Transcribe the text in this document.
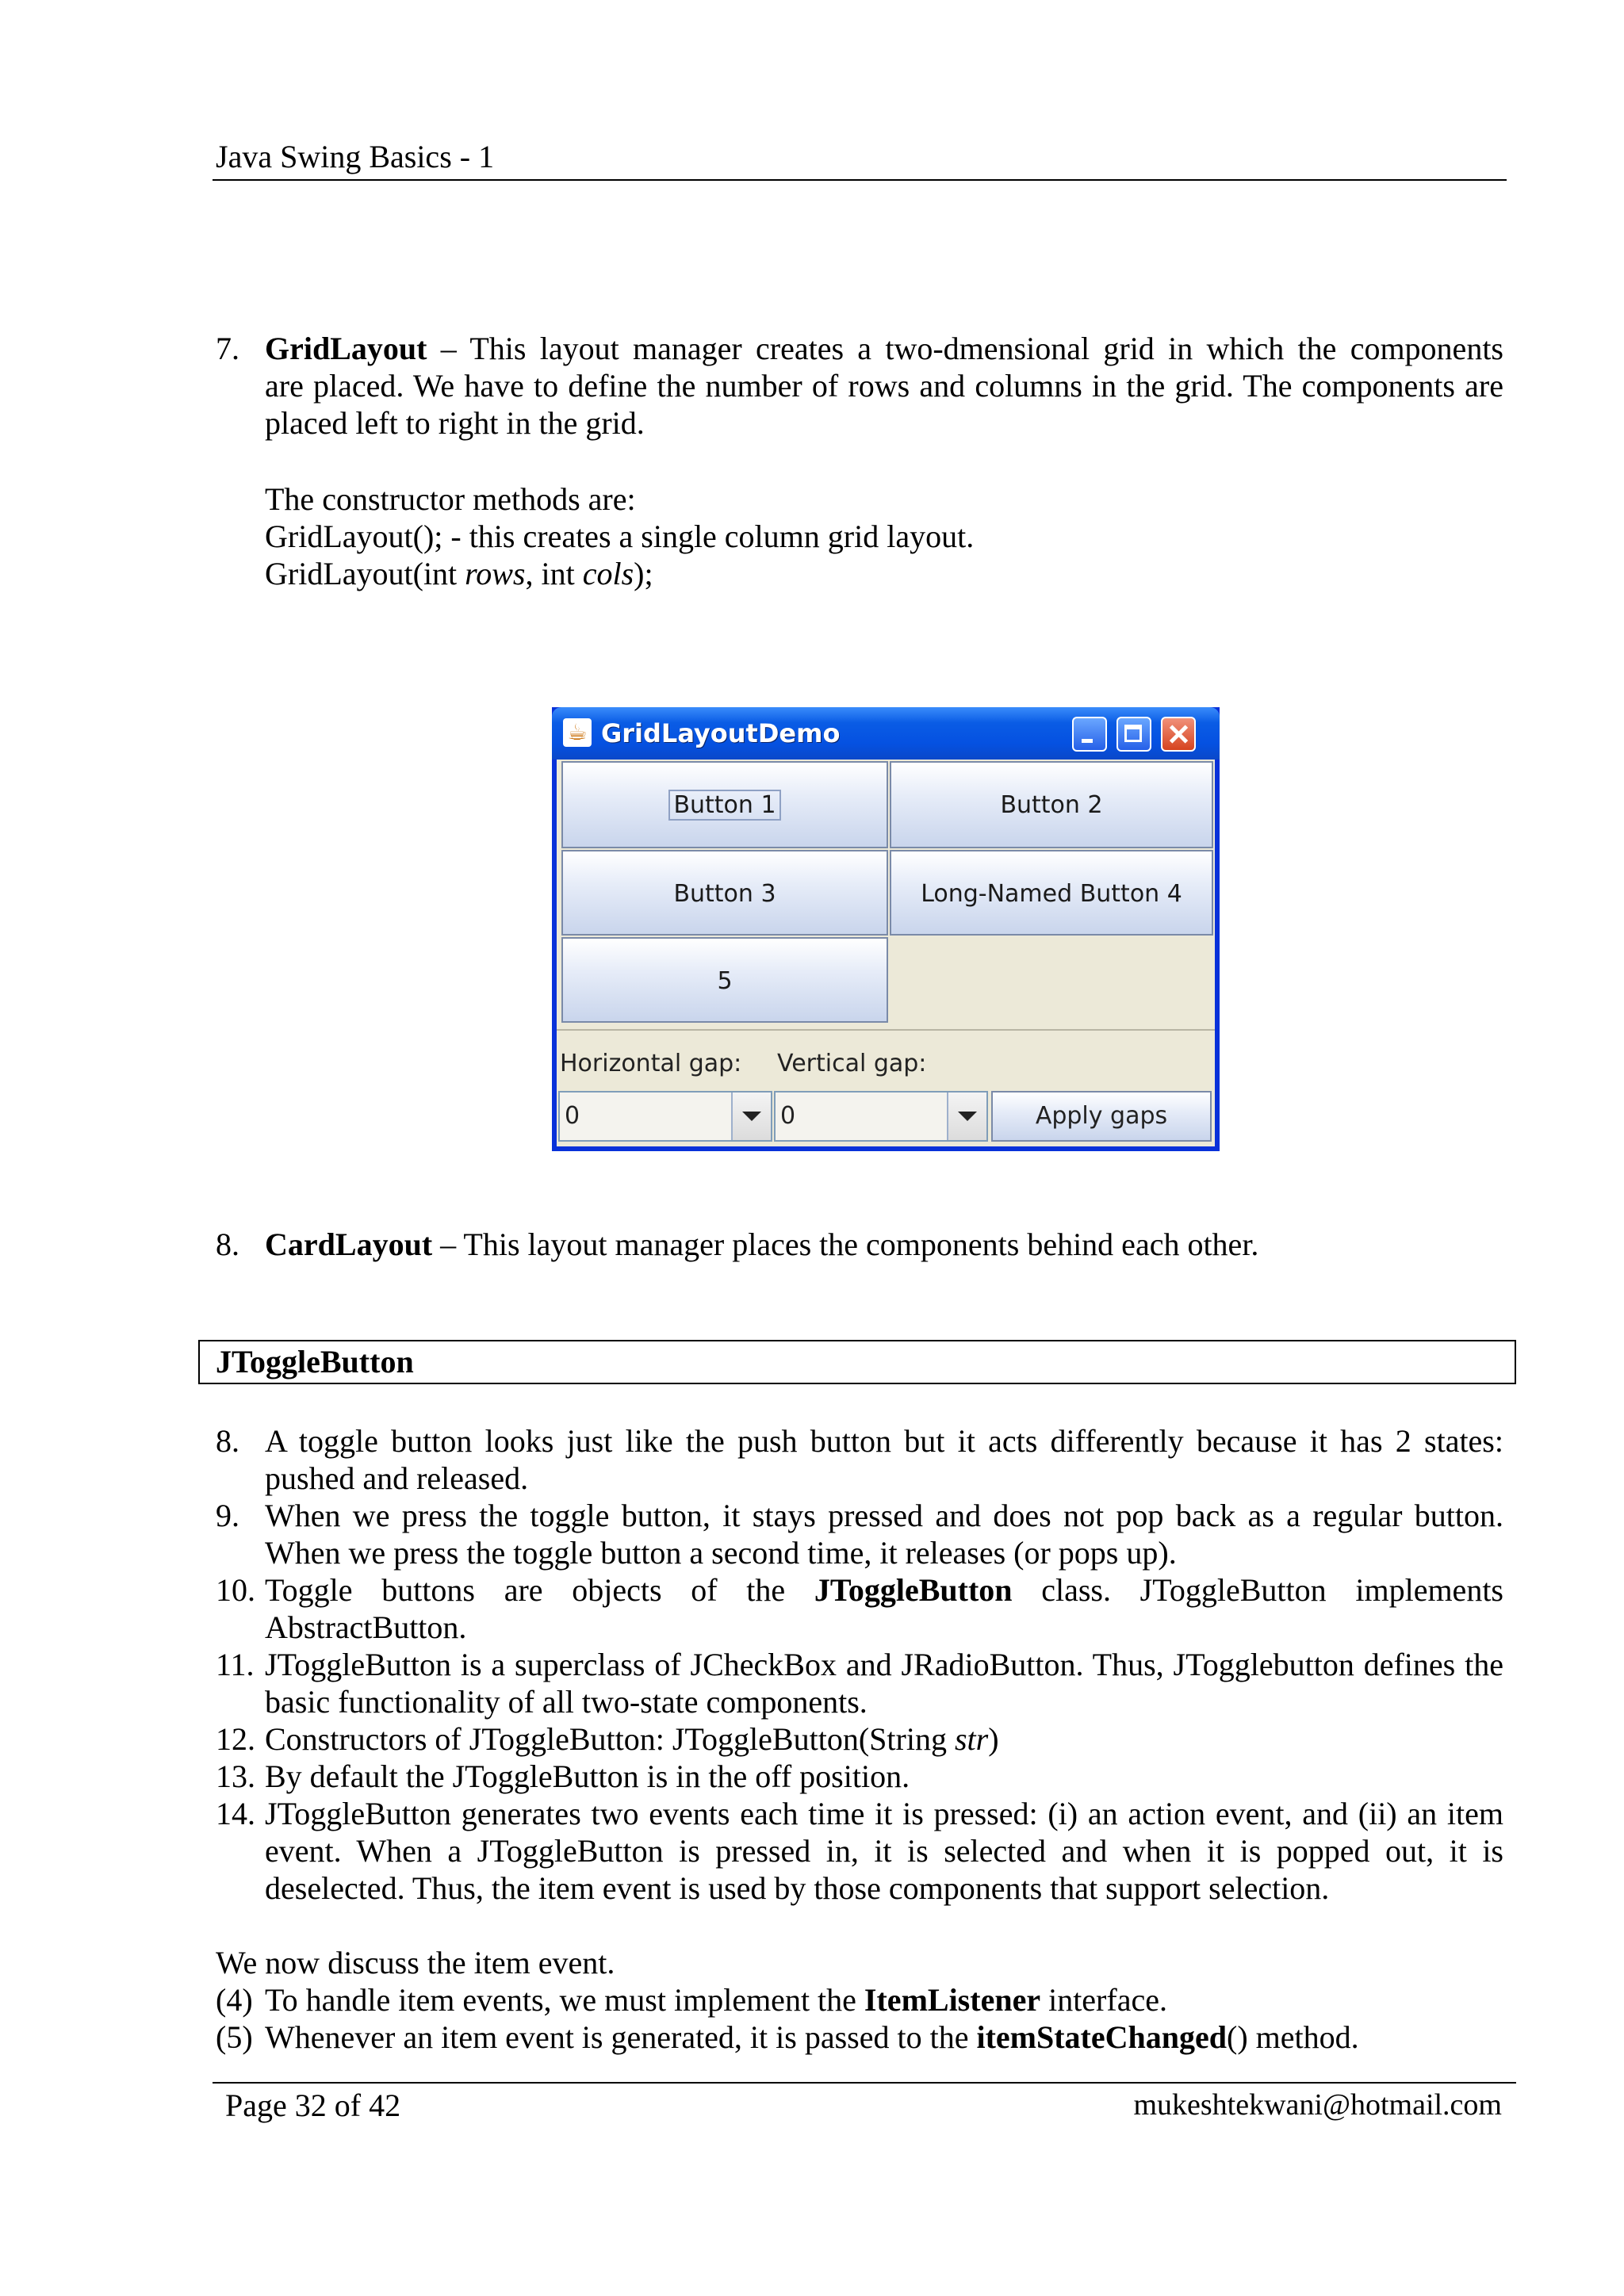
Java Swing Basics - 1
7. GridLayout – This layout manager creates a two-dmensional grid in which the components

are placed. We have to define the number of rows and columns in the grid. The components are placed left to right in the grid.

The constructor methods are:
GridLayout(); - this creates a single column grid layout.
GridLayout(int rows, int cols);
☕ GridLayoutDemo
Button 1	Button 2
Button 3	Long-Named Button 4
5
Horizontal gap: Vertical gap:
0	0	Apply gaps
8. CardLayout – This layout manager places the components behind each other.
JToggleButton
8. A toggle button looks just like the push button but it acts differently because it has 2 states: pushed and released.
9. When we press the toggle button, it stays pressed and does not pop back as a regular button. When we press the toggle button a second time, it releases (or pops up).
10. Toggle buttons are objects of the JToggleButton class. JToggleButton implements

AbstractButton.

11. JToggleButton is a superclass of JCheckBox and JRadioButton. Thus, JTogglebutton defines the basic functionality of all two-state components.
12. Constructors of JToggleButton: JToggleButton(String str)
13. By default the JToggleButton is in the off position.
14. JToggleButton generates two events each time it is pressed: (i) an action event, and (ii) an item event. When a JToggleButton is pressed in, it is selected and when it is popped out, it is deselected. Thus, the item event is used by those components that support selection.
We now discuss the item event.
(4) To handle item events, we must implement the ItemListener interface.
(5) Whenever an item event is generated, it is passed to the itemStateChanged() method.
Page 32 of 42	mukeshtekwani@hotmail.com
